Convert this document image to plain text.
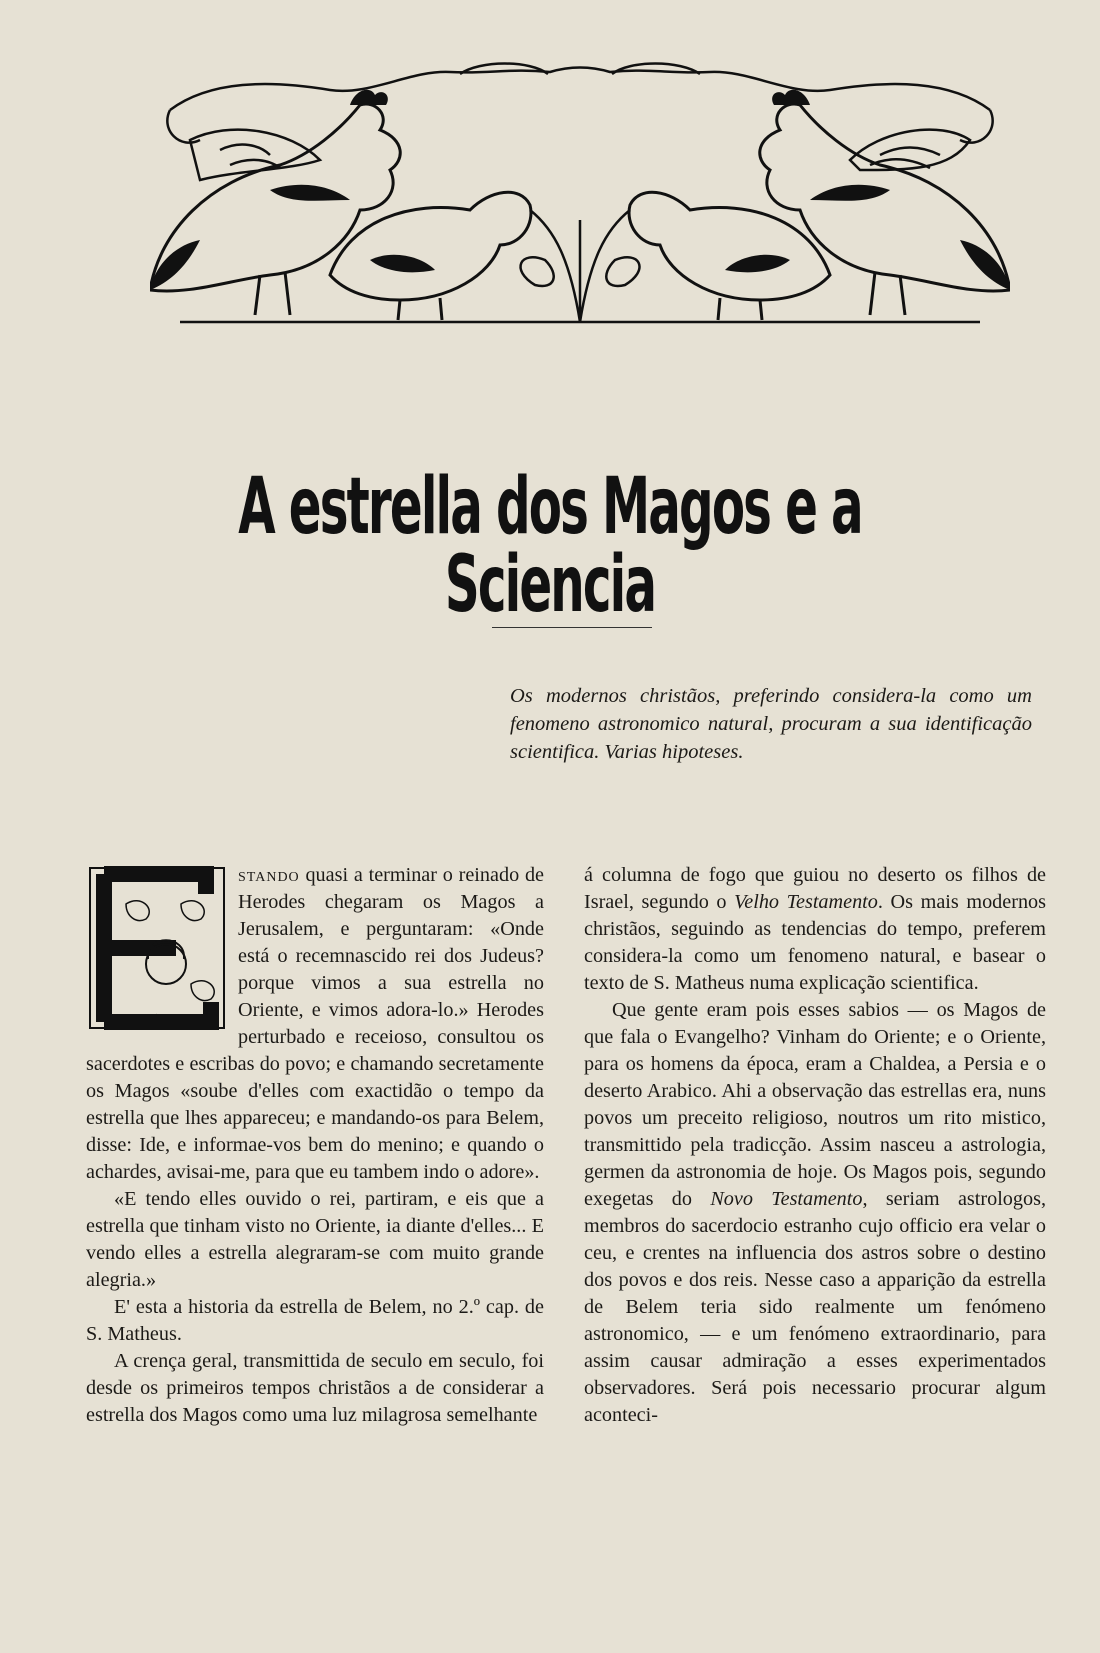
A estrella dos Magos e a Sciencia

Os modernos christãos, preferindo considera-la como um fenomeno astronomico natural, procuram a sua identificação scientifica. Varias hipoteses.

E
stando quasi a terminar o reinado de Herodes chegaram os Magos a Jerusalem, e perguntaram: «Onde está o recemnascido rei dos Judeus? porque vimos a sua estrella no Oriente, e vimos adora-lo.» Herodes perturbado e receioso, consultou os sacerdotes e escribas do povo; e chamando secretamente os Magos «soube d'elles com exactidão o tempo da estrella que lhes appareceu; e mandando-os para Belem, disse: Ide, e informae-vos bem do menino; e quando o achardes, avisai-me, para que eu tambem indo o adore».

«E tendo elles ouvido o rei, partiram, e eis que a estrella que tinham visto no Oriente, ia diante d'elles... E vendo elles a estrella alegraram-se com muito grande alegria.»

E' esta a historia da estrella de Belem, no 2.º cap. de S. Matheus.

A crença geral, transmittida de seculo em seculo, foi desde os primeiros tempos christãos a de considerar a estrella dos Magos como uma luz milagrosa semelhante

á columna de fogo que guiou no deserto os filhos de Israel, segundo o Velho Testamento. Os mais modernos christãos, seguindo as tendencias do tempo, preferem considera-la como um fenomeno natural, e basear o texto de S. Matheus numa explicação scientifica.

Que gente eram pois esses sabios — os Magos de que fala o Evangelho? Vinham do Oriente; e o Oriente, para os homens da época, eram a Chaldea, a Persia e o deserto Arabico. Ahi a observação das estrellas era, nuns povos um preceito religioso, noutros um rito mistico, transmittido pela tradicção. Assim nasceu a astrologia, germen da astronomia de hoje. Os Magos pois, segundo exegetas do Novo Testamento, seriam astrologos, membros do sacerdocio estranho cujo officio era velar o ceu, e crentes na influencia dos astros sobre o destino dos povos e dos reis. Nesse caso a apparição da estrella de Belem teria sido realmente um fenómeno astronomico, — e um fenómeno extraordinario, para assim causar admiração a esses experimentados observadores. Será pois necessario procurar algum aconteci-
